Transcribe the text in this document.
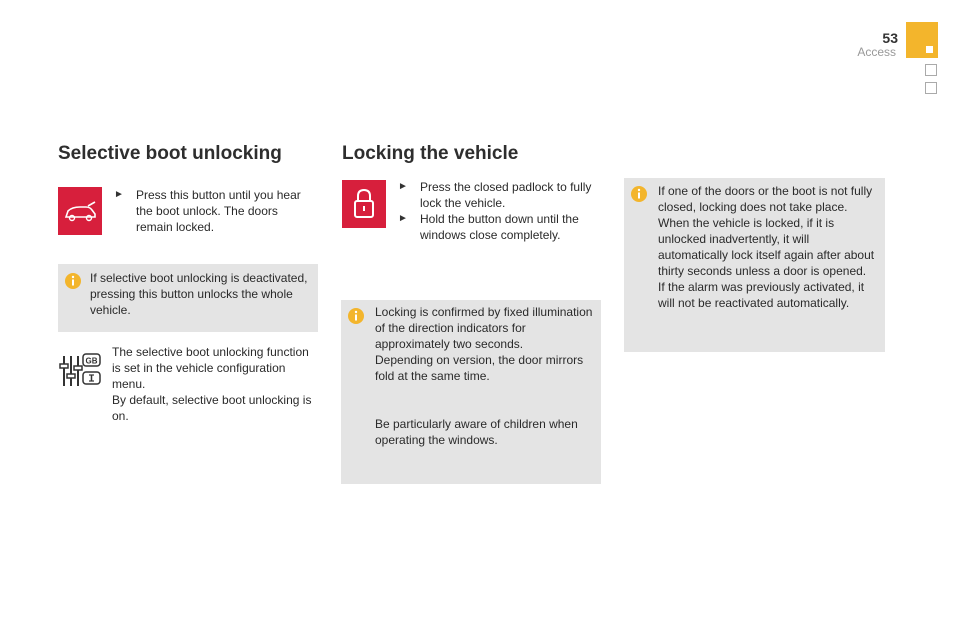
53
Access
Selective boot unlocking
►	Press this button until you hear the boot unlock. The doors remain locked.
If selective boot unlocking is deactivated, pressing this button unlocks the whole vehicle.
GB
The selective boot unlocking function is set in the vehicle configuration menu.
By default, selective boot unlocking is on.
Locking the vehicle
►	Press the closed padlock to fully lock the vehicle.
►	Hold the button down until the windows close completely.
Locking is confirmed by fixed illumination of the direction indicators for approximately two seconds.
Depending on version, the door mirrors fold at the same time.
Be particularly aware of children when operating the windows.
If one of the doors or the boot is not fully closed, locking does not take place.
When the vehicle is locked, if it is unlocked inadvertently, it will automatically lock itself again after about thirty seconds unless a door is opened.
If the alarm was previously activated, it will not be reactivated automatically.
